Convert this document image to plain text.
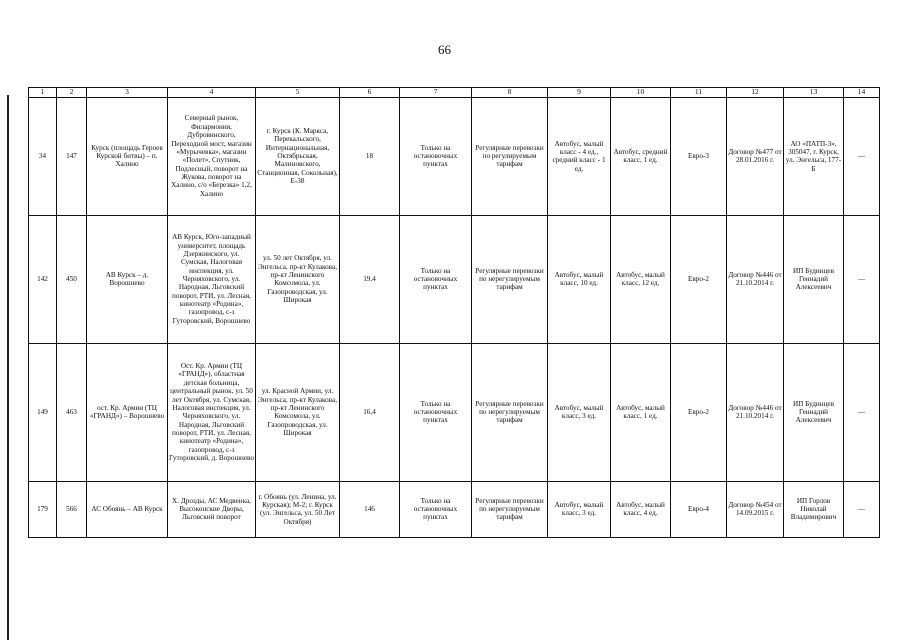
66
1	2	3	4	5	6	7	8	9	10	11	12	13	14
34	147	Курск (площадь Героев Курской битвы) – п. Халино	Северный рынок, Филармония, Дубровинского, Переходной мост, магазин «Мурычевка», магазин «Полет», Спутник, Подлесный, поворот на Жукова, поворот на Халино, с/о «Березка» 1,2, Халино	г. Курск (К. Маркса, Перекальского, Интернациональная, Октябрьская, Малиновского, Станционная, Сокольная), Е-38	18	Только на остановочных пунктах	Регулярные перевозки по регулируемым тарифам	Автобус, малый класс - 4 ед., средний класс - 1 ед.	Автобус, средний класс, 1 ед.	Евро-3	Договор №477 от 28.01.2016 г.	АО «ПАТП-3», 305047, г. Курск, ул. Энгельса, 177-Б	—
142	450	АВ Курск – д. Ворошнево	АВ Курск, Юго-западный университет, площадь Дзержинского, ул. Сумская, Налоговая инспекция, ул. Черняховского, ул. Народная, Льговский поворот, РТИ, ул. Лесная, кинотеатр «Родина», газопровод, с-з Гуторовский, Ворошнево	ул. 50 лет Октября, ул. Энгельса, пр-кт Кулакова, пр-кт Ленинского Комсомола, ул. Газопроводская, ул. Широкая	19,4	Только на остановочных пунктах	Регулярные перевозки по нерегулируемым тарифам	Автобус, малый класс, 10 ед.	Автобус, малый класс, 12 ед.	Евро-2	Договор №446 от 21.10.2014 г.	ИП Будинцев Геннадий Алексеевич	—
149	463	ост. Кр. Армии (ТЦ «ГРАНД») – Ворошнево	Ост. Кр. Армии (ТЦ «ГРАНД»), областная детская больница, центральный рынок, ул. 50 лет Октября, ул. Сумская, Налоговая инспекция, ул. Черняховского, ул. Народная, Льговский поворот, РТИ, ул. Лесная, кинотеатр «Родина», газопровод, с-з Гуторовский, д. Ворошнево	ул. Красной Армии, ул. Энгельса, пр-кт Кулакова, пр-кт Ленинского Комсомола, ул. Газопроводская, ул. Широкая	16,4	Только на остановочных пунктах	Регулярные перевозки по нерегулируемым тарифам	Автобус, малый класс, 3 ед.	Автобус, малый класс, 1 ед.	Евро-2	Договор №446 от 21.10.2014 г.	ИП Будинцев Геннадий Алексеевич	—
179	566	АС Обоянь – АВ Курск	Х. Дрозды, АС Медвенка, Высоконские Дворы, Льговский поворот	г. Обоянь (ул. Ленина, ул. Курская); М-2; г. Курск (ул. Энгельса, ул. 50 Лет Октября)	146	Только на остановочных пунктах	Регулярные перевозки по нерегулируемым тарифам	Автобус, малый класс, 3 ед.	Автобус, малый класс, 4 ед.	Евро-4	Договор №454 от 14.09.2015 г.	ИП Горлов Николай Владимирович	—
